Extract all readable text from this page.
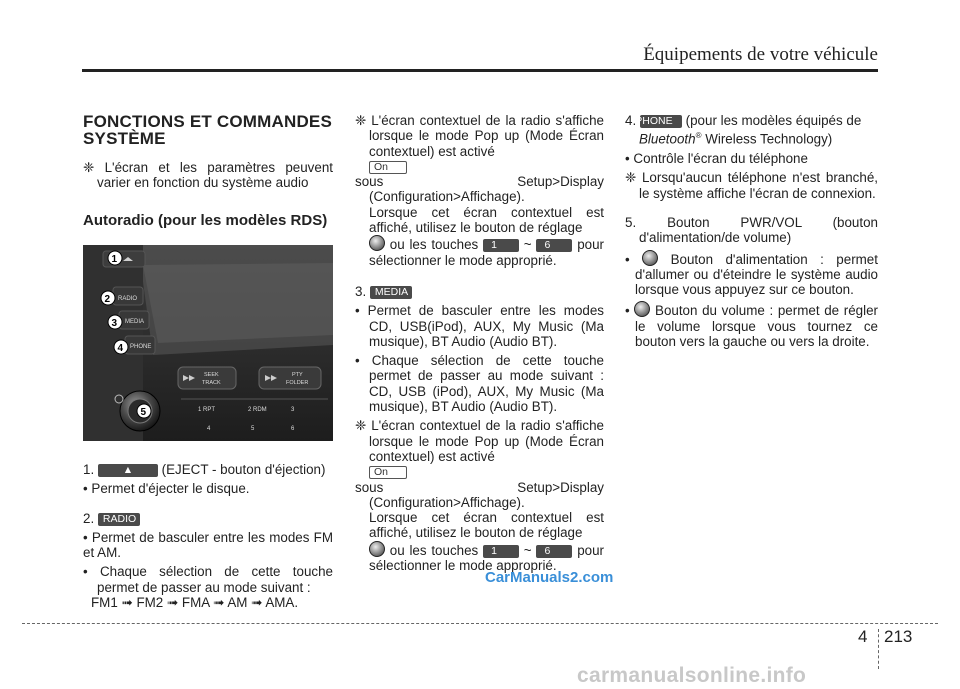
Équipements de votre véhicule
FONCTIONS ET COMMANDES SYSTÈME
❈ L'écran et les paramètres peuvent varier en fonction du système audio
Autoradio (pour les modèles RDS)
RADIO
MEDIA
PHONE
SEEK
TRACK
PTY
FOLDER
1 RPT	2 RDM	3
4	5	6
1
2
3
4
5

1.	▲ (EJECT - bouton d'éjection)

• Permet d'éjecter le disque.

2. RADIO

• Permet de basculer entre les modes FM et AM.

• Chaque sélection de cette touche permet de passer au mode suivant :

FM1 ➟ FM2 ➟ FMA ➟ AM ➟ AMA.

❈ L'écran contextuel de la radio s'affiche lorsque le mode Pop up (Mode Écran contextuel) est activé
On
sous Setup>Display (Configuration>Affichage).

Lorsque cet écran contextuel est affiché, utilisez le bouton de réglage
ou les touches 1 ~ 6 pour sélectionner le mode approprié.

3. MEDIA

• Permet de basculer entre les modes CD, USB(iPod), AUX, My Music (Ma musique), BT Audio (Audio BT).

• Chaque sélection de cette touche permet de passer au mode suivant : CD, USB (iPod), AUX, My Music (Ma musique), BT Audio (Audio BT).

❈ L'écran contextuel de la radio s'affiche lorsque le mode Pop up (Mode Écran contextuel) est activé
On
sous Setup>Display (Configuration>Affichage).

Lorsque cet écran contextuel est affiché, utilisez le bouton de réglage
ou les touches 1 ~ 6 pour sélectionner le mode approprié.
4. PHONE (pour les modèles équipés de
Bluetooth® Wireless Technology)

• Contrôle l'écran du téléphone

❈ Lorsqu'aucun téléphone n'est branché, le système affiche l'écran de connexion.

5. Bouton PWR/VOL (bouton d'alimentation/de volume)

•  Bouton d'alimentation : permet d'allumer ou d'éteindre le système audio lorsque vous appuyez sur ce bouton.
•  Bouton du volume : permet de régler le volume lorsque vous tournez ce bouton vers la gauche ou vers la droite.
CarManuals2.com
4 213
carmanualsonline.info
